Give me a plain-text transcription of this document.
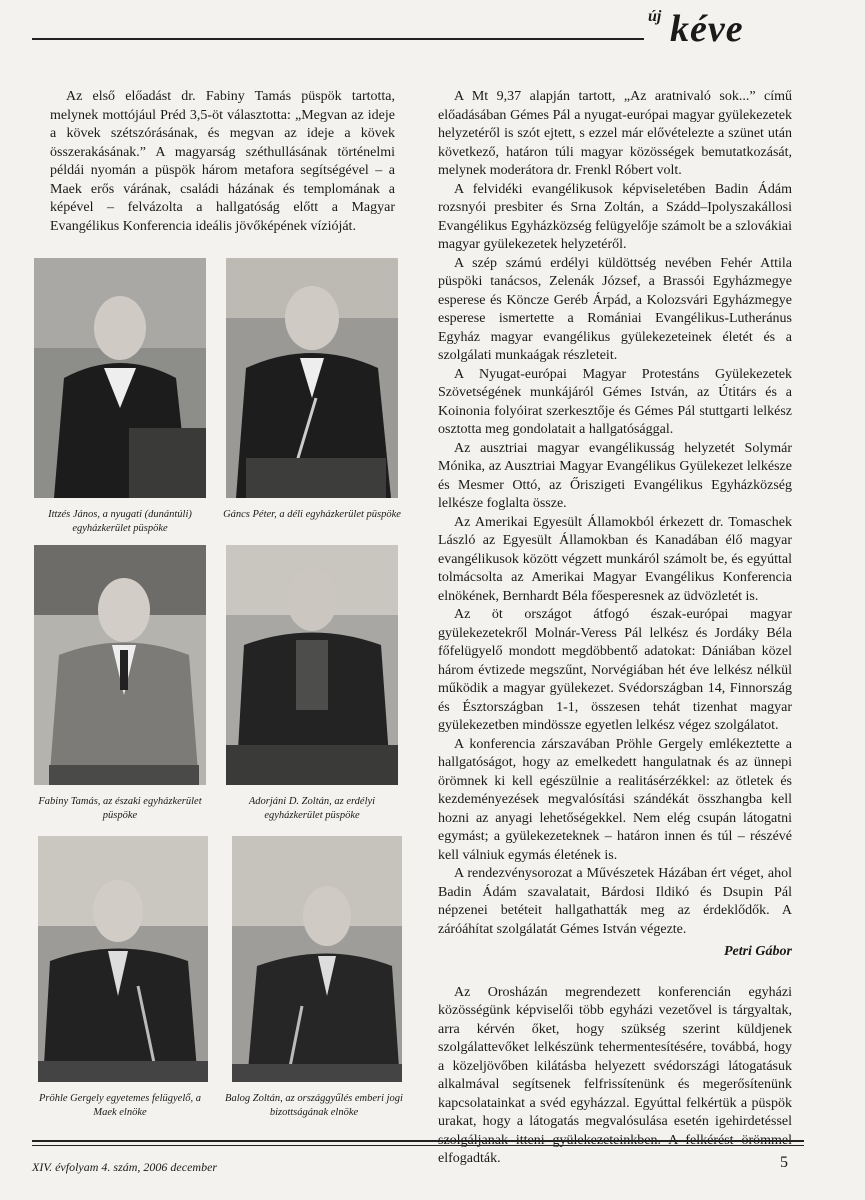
új kéve

Az első előadást dr. Fabiny Tamás püspök tartotta, melynek mottójául Préd 3,5-öt választotta: „Megvan az ideje a kövek szétszórásának, és megvan az ideje a kövek összerakásának.” A magyarság széthullásának történelmi példái nyomán a püspök három metafora segítségével – a Maek erős várának, családi házának és templomának a képével – felvázolta a hallgatóság előtt a Magyar Evangélikus Konferencia ideális jövőképének vízióját.

Ittzés János, a nyugati (dunántúli) egyházkerület püspöke
Gáncs Péter, a déli egyházkerület püspöke
Fabiny Tamás, az északi egyházkerület püspöke
Adorjáni D. Zoltán, az erdélyi egyházkerület püspöke
Pröhle Gergely egyetemes felügyelő, a Maek elnöke
Balog Zoltán, az országgyűlés emberi jogi bizottságának elnöke

A Mt 9,37 alapján tartott, „Az aratnivaló sok...” című előadásában Gémes Pál a nyugat-európai magyar gyülekezetek helyzetéről is szót ejtett, s ezzel már elővételezte a szünet után következő, határon túli magyar közösségek bemutatkozását, melynek moderátora dr. Frenkl Róbert volt.

A felvidéki evangélikusok képviseletében Badin Ádám rozsnyói presbiter és Srna Zoltán, a Szádd–Ipolyszakállosi Evangélikus Egyházközség felügyelője számolt be a szlovákiai magyar gyülekezetek helyzetéről.

A szép számú erdélyi küldöttség nevében Fehér Attila püspöki tanácsos, Zelenák József, a Brassói Egyházmegye esperese és Köncze Geréb Árpád, a Kolozsvári Egyházmegye esperese ismertette a Romániai Evangélikus-Lutheránus Egyház magyar evangélikus gyülekezeteinek életét és a szolgálati munkaágak részleteit.

A Nyugat-európai Magyar Protestáns Gyülekezetek Szövetségének munkájáról Gémes István, az Útitárs és a Koinonia folyóirat szerkesztője és Gémes Pál stuttgarti lelkész osztotta meg gondolatait a hallgatósággal.

Az ausztriai magyar evangélikusság helyzetét Solymár Mónika, az Ausztriai Magyar Evangélikus Gyülekezet lelkésze és Mesmer Ottó, az Őriszigeti Evangélikus Egyházközség lelkésze foglalta össze.

Az Amerikai Egyesült Államokból érkezett dr. Tomaschek László az Egyesült Államokban és Kanadában élő magyar evangélikusok között végzett munkáról számolt be, és egyúttal tolmácsolta az Amerikai Magyar Evangélikus Konferencia elnökének, Bernhardt Béla főesperesnek az üdvözletét is.

Az öt országot átfogó észak-európai magyar gyülekezetekről Molnár-Veress Pál lelkész és Jordáky Béla főfelügyelő mondott megdöbbentő adatokat: Dániában közel három évtizede megszűnt, Norvégiában hét éve lelkész nélkül működik a magyar gyülekezet. Svédországban 14, Finnország és Észtországban 1-1, összesen tehát tizenhat magyar gyülekezetben mindössze egyetlen lelkész végez szolgálatot.

A konferencia zárszavában Pröhle Gergely emlékeztette a hallgatóságot, hogy az emelkedett hangulatnak és az ünnepi örömnek ki kell egészülnie a realitásérzékkel: az ötletek és kezdeményezések megvalósítási szándékát összhangba kell hozni az anyagi lehetőségekkel. Nem elég csupán látogatni egymást; a gyülekezeteknek – határon innen és túl – részévé kell válniuk egymás életének is.

A rendezvénysorozat a Művészetek Házában ért véget, ahol Badin Ádám szavalatait, Bárdosi Ildikó és Dsupin Pál népzenei betéteit hallgathatták meg az érdeklődők. A záróáhítat szolgálatát Gémes István végezte.

Petri Gábor

Az Orosházán megrendezett konferencián egyházi közösségünk képviselői több egyházi vezetővel is tárgyaltak, arra kérvén őket, hogy szükség szerint küldjenek szolgálattevőket lelkészünk tehermentesítésére, továbbá, hogy a közeljövőben kilátásba helyezett svédországi látogatásuk alkalmával segítsenek felfrissítenünk és megerősítenünk kapcsolatainkat a svéd egyházzal. Egyúttal felkértük a püspök urakat, hogy a látogatás megvalósulása esetén igehirdetéssel elfogadták.

XIV. évfolyam 4. szám, 2006 december	5
